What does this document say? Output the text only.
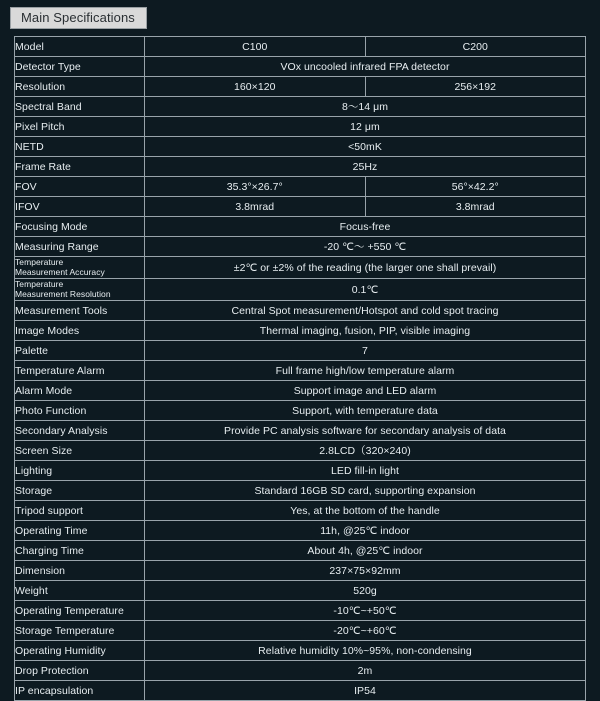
Main Specifications
Model	C100	C200
Detector Type	VOx uncooled infrared FPA detector	
Resolution	160×120	256×192
Spectral Band	8～14 μm	
Pixel Pitch	12 μm	
NETD	<50mK	
Frame Rate	25Hz	
FOV	35.3°×26.7°	56°×42.2°
IFOV	3.8mrad	3.8mrad
Focusing Mode	Focus-free	
Measuring Range	-20 ℃～ +550 ℃	
Temperature
Measurement Accuracy	±2℃ or ±2% of the reading (the larger one shall prevail)	
Temperature
Measurement Resolution	0.1℃	
Measurement Tools	Central Spot measurement/Hotspot and cold spot tracing	
Image Modes	Thermal imaging, fusion, PIP, visible imaging	
Palette	7	
Temperature Alarm	Full frame high/low temperature alarm	
Alarm Mode	Support image and LED alarm	
Photo Function	Support, with temperature data	
Secondary Analysis	Provide PC analysis software for secondary analysis of data	
Screen Size	2.8LCD（320×240)	
Lighting	LED fill-in light	
Storage	Standard 16GB SD card, supporting expansion	
Tripod support	Yes, at the bottom of the handle	
Operating Time	11h, @25℃ indoor	
Charging Time	About 4h, @25℃ indoor	
Dimension	237×75×92mm	
Weight	520g	
Operating Temperature	-10℃~+50℃	
Storage Temperature	-20℃~+60℃	
Operating Humidity	Relative humidity 10%~95%, non-condensing	
Drop Protection	2m	
IP encapsulation	IP54	
